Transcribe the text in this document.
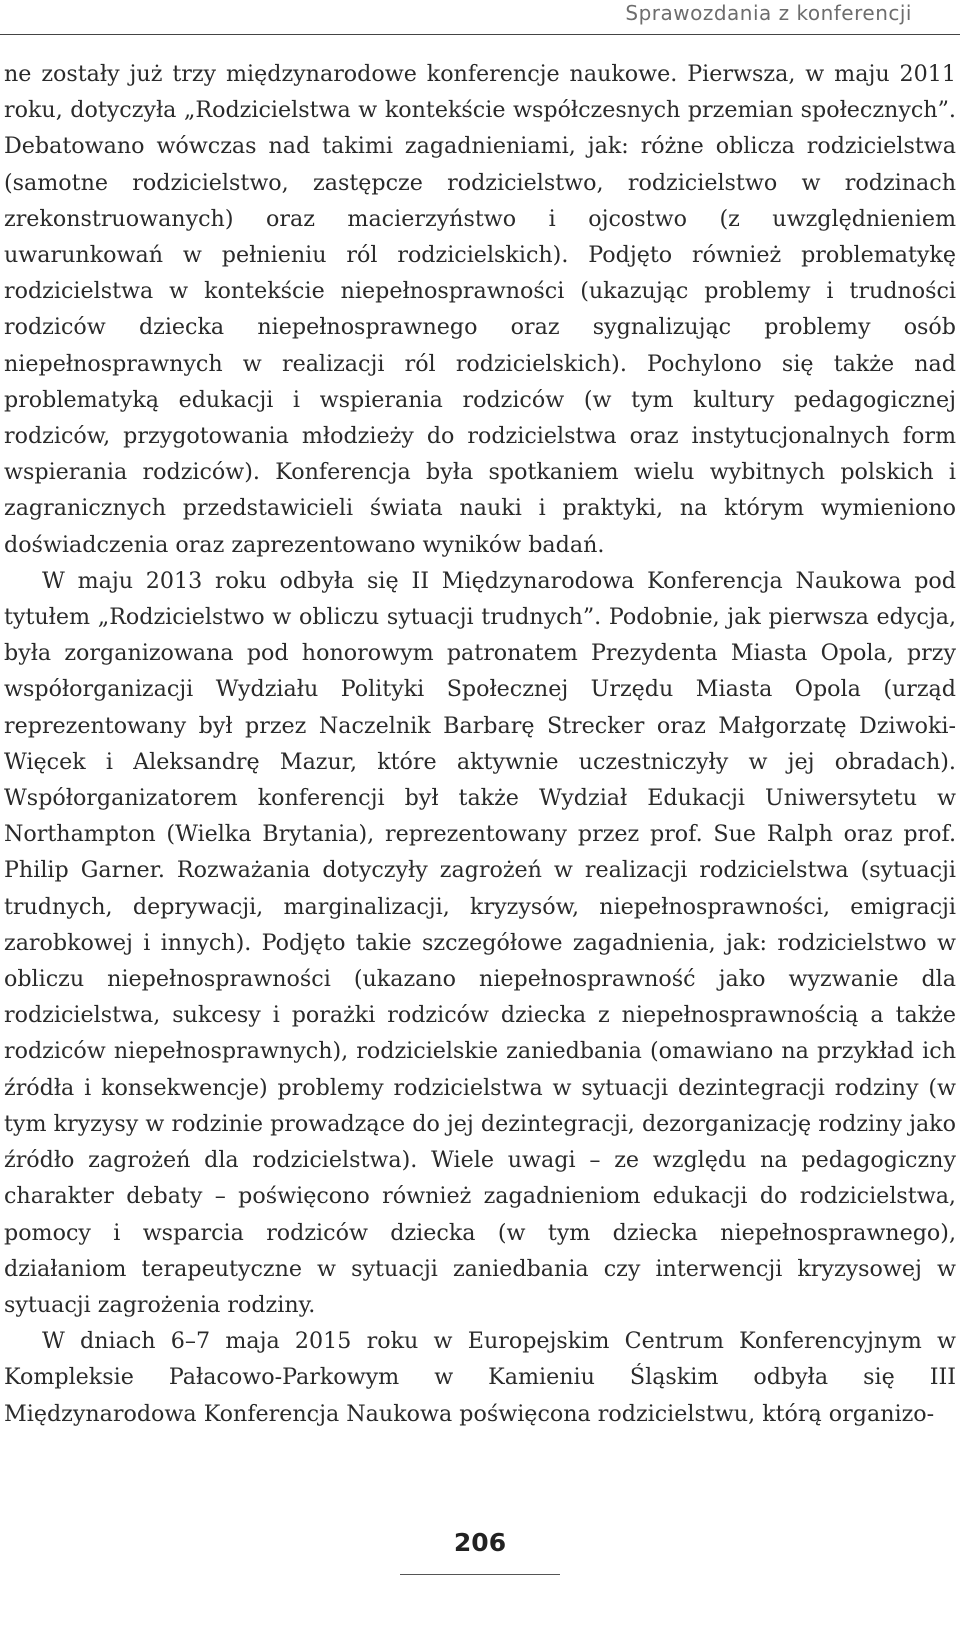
Sprawozdania z konferencji

ne zostały już trzy międzynarodowe konferencje naukowe. Pierwsza, w maju 2011 roku, dotyczyła „Rodzicielstwa w kontekście współczesnych przemian społecznych”. Debatowano wówczas nad takimi zagadnieniami, jak: różne oblicza rodzicielstwa (samotne rodzicielstwo, zastępcze rodzicielstwo, rodzicielstwo w rodzinach zrekonstruowanych) oraz macierzyństwo i ojcostwo (z uwzględnieniem uwarunkowań w pełnieniu ról rodzicielskich). Podjęto również problematykę rodzicielstwa w kontekście niepełnosprawności (ukazując problemy i trudności rodziców dziecka niepełnosprawnego oraz sygnalizując problemy osób niepełnosprawnych w realizacji ról rodzicielskich). Pochylono się także nad problematyką edukacji i wspierania rodziców (w tym kultury pedagogicznej rodziców, przygotowania młodzieży do rodzicielstwa oraz instytucjonalnych form wspierania rodziców). Konferencja była spotkaniem wielu wybitnych polskich i zagranicznych przedstawicieli świata nauki i praktyki, na którym wymieniono doświadczenia oraz zaprezentowano wyników badań.

W maju 2013 roku odbyła się II Międzynarodowa Konferencja Naukowa pod tytułem „Rodzicielstwo w obliczu sytuacji trudnych”. Podobnie, jak pierwsza edycja, była zorganizowana pod honorowym patronatem Prezydenta Miasta Opola, przy współorganizacji Wydziału Polityki Społecznej Urzędu Miasta Opola (urząd reprezentowany był przez Naczelnik Barbarę Strecker oraz Małgorzatę Dziwoki-Więcek i Aleksandrę Mazur, które aktywnie uczestniczyły w jej obradach). Współorganizatorem konferencji był także Wydział Edukacji Uniwersytetu w Northampton (Wielka Brytania), reprezentowany przez prof. Sue Ralph oraz prof. Philip Garner. Rozważania dotyczyły zagrożeń w realizacji rodzicielstwa (sytuacji trudnych, deprywacji, marginalizacji, kryzysów, niepełnosprawności, emigracji zarobkowej i innych). Podjęto takie szczegółowe zagadnienia, jak: rodzicielstwo w obliczu niepełnosprawności (ukazano niepełnosprawność jako wyzwanie dla rodzicielstwa, sukcesy i porażki rodziców dziecka z niepełnosprawnością a także rodziców niepełnosprawnych), rodzicielskie zaniedbania (omawiano na przykład ich źródła i konsekwencje) problemy rodzicielstwa w sytuacji dezintegracji rodziny (w tym kryzysy w rodzinie prowadzące do jej dezintegracji, dezorganizację rodziny jako źródło zagrożeń dla rodzicielstwa). Wiele uwagi – ze względu na pedagogiczny charakter debaty – poświęcono również zagadnieniom edukacji do rodzicielstwa, pomocy i wsparcia rodziców dziecka (w tym dziecka niepełnosprawnego), działaniom terapeutyczne w sytuacji zaniedbania czy interwencji kryzysowej w sytuacji zagrożenia rodziny.

W dniach 6–7 maja 2015 roku w Europejskim Centrum Konferencyjnym w Kompleksie Pałacowo-Parkowym w Kamieniu Śląskim odbyła się III Międzynarodowa Konferencja Naukowa poświęcona rodzicielstwu, którą organizo-

206
